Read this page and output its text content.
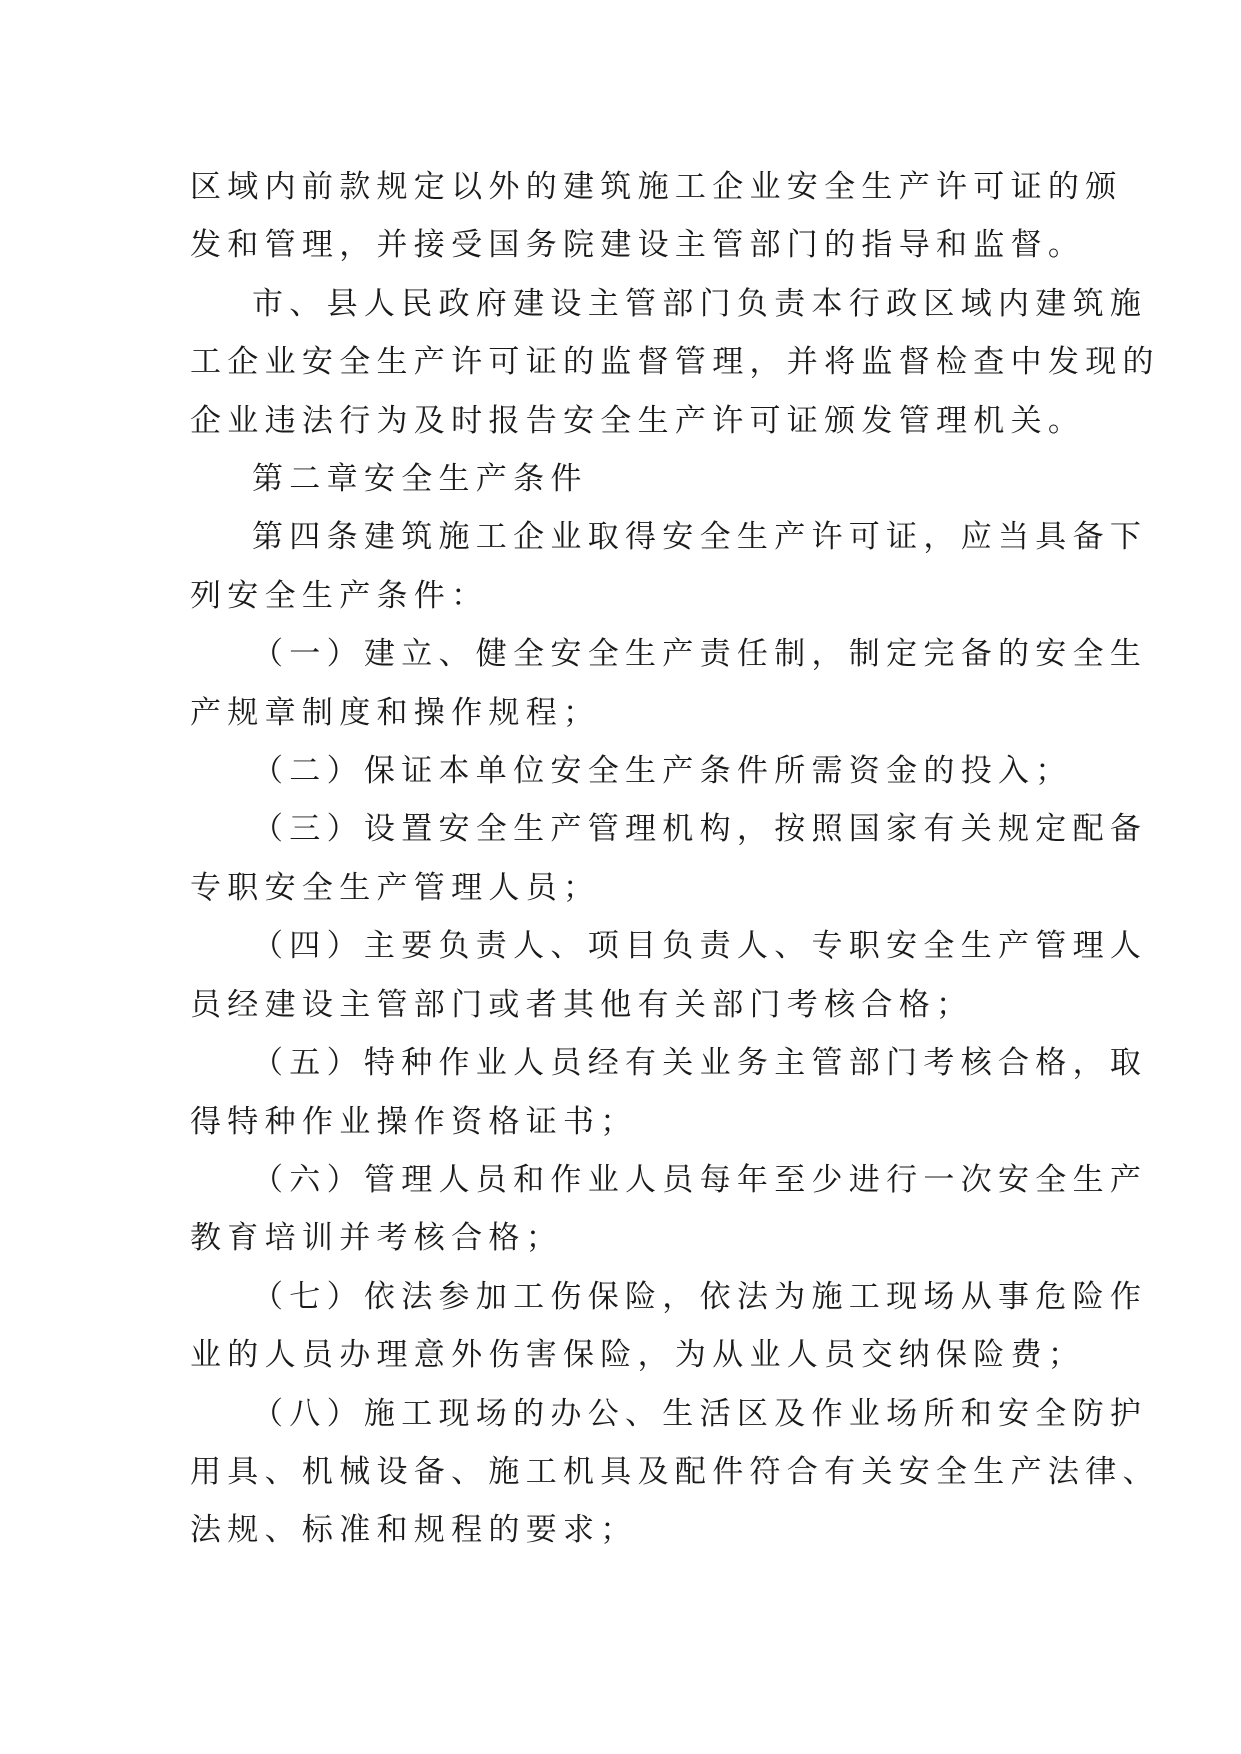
区域内前款规定以外的建筑施工企业安全生产许可证的颁
发和管理，并接受国务院建设主管部门的指导和监督。

市、县人民政府建设主管部门负责本行政区域内建筑施
工企业安全生产许可证的监督管理，并将监督检查中发现的
企业违法行为及时报告安全生产许可证颁发管理机关。

第二章安全生产条件

第四条建筑施工企业取得安全生产许可证，应当具备下
列安全生产条件：

（一）建立、健全安全生产责任制，制定完备的安全生
产规章制度和操作规程；

（二）保证本单位安全生产条件所需资金的投入；

（三）设置安全生产管理机构，按照国家有关规定配备
专职安全生产管理人员；

（四）主要负责人、项目负责人、专职安全生产管理人
员经建设主管部门或者其他有关部门考核合格；

（五）特种作业人员经有关业务主管部门考核合格，取
得特种作业操作资格证书；

（六）管理人员和作业人员每年至少进行一次安全生产
教育培训并考核合格；

（七）依法参加工伤保险，依法为施工现场从事危险作
业的人员办理意外伤害保险，为从业人员交纳保险费；

（八）施工现场的办公、生活区及作业场所和安全防护
用具、机械设备、施工机具及配件符合有关安全生产法律、
法规、标准和规程的要求；
